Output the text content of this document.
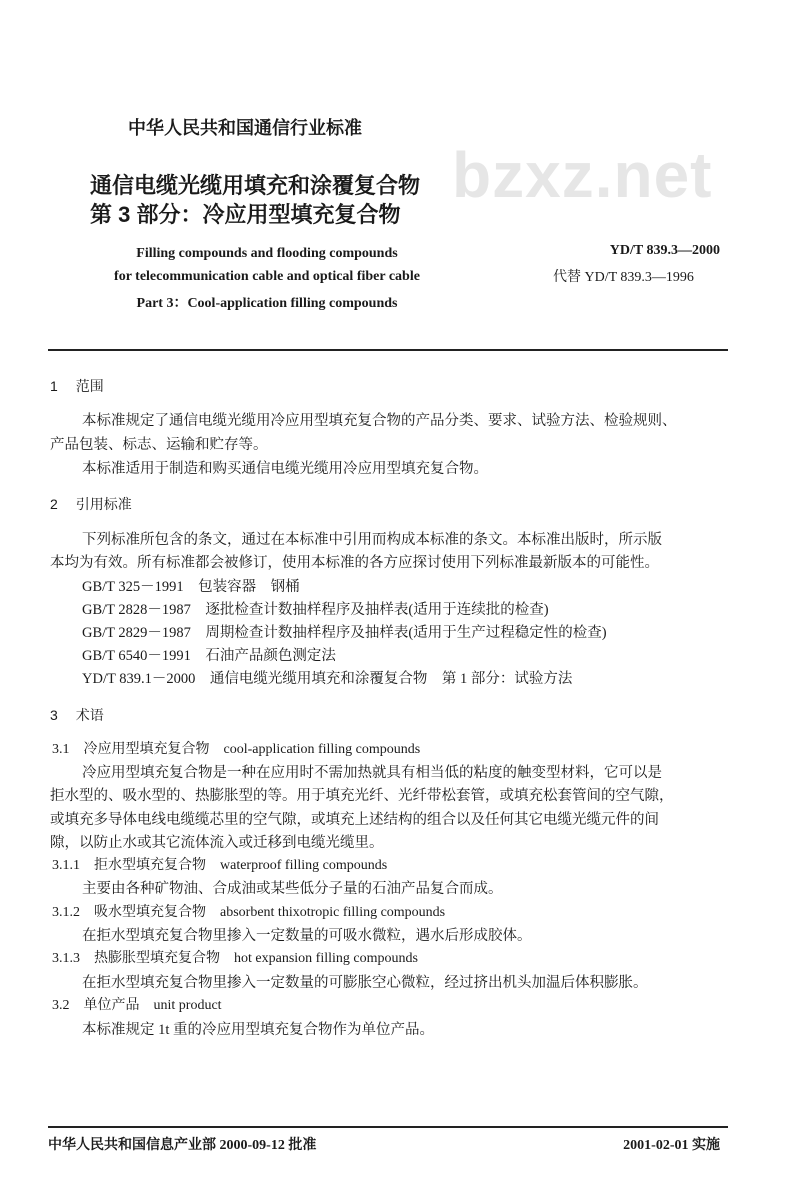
bzxz.net
中华人民共和国通信行业标准
通信电缆光缆用填充和涂覆复合物
第 3 部分：冷应用型填充复合物
Filling compounds and flooding compounds
for telecommunication cable and optical fiber cable
Part 3：Cool-application filling compounds
YD/T 839.3—2000
代替 YD/T 839.3—1996
1 范围
本标准规定了通信电缆光缆用冷应用型填充复合物的产品分类、要求、试验方法、检验规则、
产品包装、标志、运输和贮存等。
本标准适用于制造和购买通信电缆光缆用冷应用型填充复合物。
2 引用标准
下列标准所包含的条文，通过在本标准中引用而构成本标准的条文。本标准出版时，所示版
本均为有效。所有标准都会被修订，使用本标准的各方应探讨使用下列标准最新版本的可能性。
GB/T 325－1991　 包装容器　钢桶
GB/T 2828－1987　 逐批检查计数抽样程序及抽样表(适用于连续批的检查)
GB/T 2829－1987　 周期检查计数抽样程序及抽样表(适用于生产过程稳定性的检查)
GB/T 6540－1991　 石油产品颜色测定法
YD/T 839.1－2000　 通信电缆光缆用填充和涂覆复合物　第 1 部分：试验方法
3 术语
3.1　 冷应用型填充复合物　 cool-application filling compounds
冷应用型填充复合物是一种在应用时不需加热就具有相当低的粘度的触变型材料，它可以是
拒水型的、吸水型的、热膨胀型的等。用于填充光纤、光纤带松套管，或填充松套管间的空气隙，
或填充多导体电线电缆缆芯里的空气隙，或填充上述结构的组合以及任何其它电缆光缆元件的间
隙，以防止水或其它流体流入或迁移到电缆光缆里。
3.1.1　 拒水型填充复合物　 waterproof filling compounds
主要由各种矿物油、合成油或某些低分子量的石油产品复合而成。
3.1.2　 吸水型填充复合物　 absorbent thixotropic filling compounds
在拒水型填充复合物里掺入一定数量的可吸水微粒，遇水后形成胶体。
3.1.3　 热膨胀型填充复合物　 hot expansion filling compounds
在拒水型填充复合物里掺入一定数量的可膨胀空心微粒，经过挤出机头加温后体积膨胀。
3.2　 单位产品　 unit product
本标准规定 1t 重的冷应用型填充复合物作为单位产品。
中华人民共和国信息产业部 2000-09-12 批准	2001-02-01 实施
